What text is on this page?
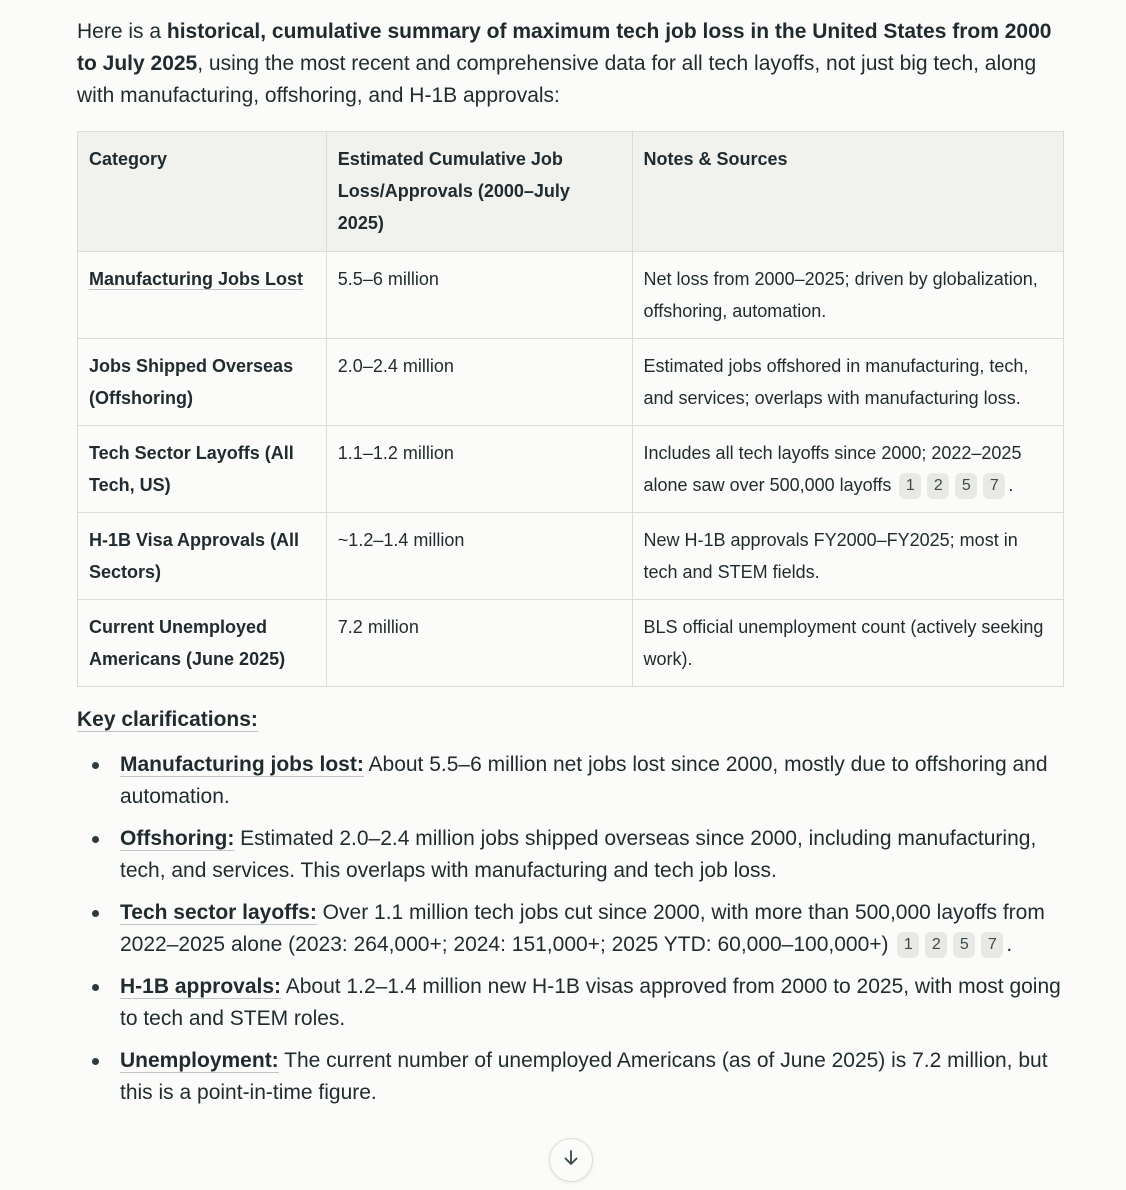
Here is a historical, cumulative summary of maximum tech job loss in the United States from 2000 to July 2025, using the most recent and comprehensive data for all tech layoffs, not just big tech, along with manufacturing, offshoring, and H-1B approvals:

Category	Estimated Cumulative Job Loss/Approvals (2000–July 2025)	Notes & Sources
Manufacturing Jobs Lost	5.5–6 million	Net loss from 2000–2025; driven by globalization, offshoring, automation.
Jobs Shipped Overseas (Offshoring)	2.0–2.4 million	Estimated jobs offshored in manufacturing, tech, and services; overlaps with manufacturing loss.
Tech Sector Layoffs (All Tech, US)	1.1–1.2 million	Includes all tech layoffs since 2000; 2022–2025 alone saw over 500,000 layoffs 1 2 5 7 .
H-1B Visa Approvals (All Sectors)	~1.2–1.4 million	New H-1B approvals FY2000–FY2025; most in tech and STEM fields.
Current Unemployed Americans (June 2025)	7.2 million	BLS official unemployment count (actively seeking work).
Key clarifications:
Manufacturing jobs lost: About 5.5–6 million net jobs lost since 2000, mostly due to offshoring and automation.
Offshoring: Estimated 2.0–2.4 million jobs shipped overseas since 2000, including manufacturing, tech, and services. This overlaps with manufacturing and tech job loss.
Tech sector layoffs: Over 1.1 million tech jobs cut since 2000, with more than 500,000 layoffs from 2022–2025 alone (2023: 264,000+; 2024: 151,000+; 2025 YTD: 60,000–100,000+) 1 2 5 7 .
H-1B approvals: About 1.2–1.4 million new H-1B visas approved from 2000 to 2025, with most going to tech and STEM roles.
Unemployment: The current number of unemployed Americans (as of June 2025) is 7.2 million, but this is a point-in-time figure.
